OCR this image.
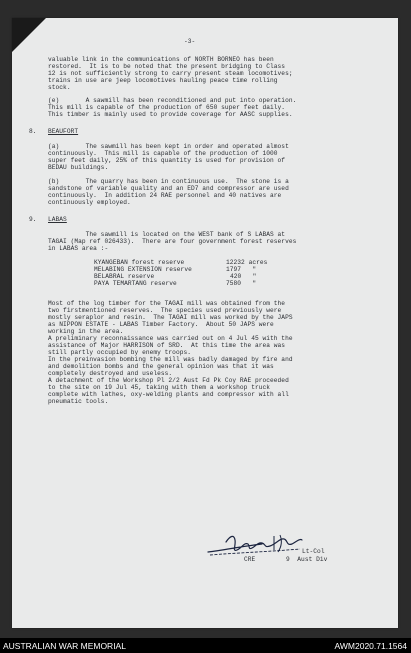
-3-
valuable link in the communications of NORTH BORNEO has been
restored.  It is to be noted that the present bridging to Class
12 is not sufficiently strong to carry present steam locomotives;
trains in use are jeep locomotives hauling peace time rolling
stock.
(e)       A sawmill has been reconditioned and put into operation.
This mill is capable of the production of 650 super feet daily.
This timber is mainly used to provide coverage for AASC supplies.
8. BEAUFORT
(a)       The sawmill has been kept in order and operated almost
continuously.  This mill is capable of the production of 1000
super feet daily, 25% of this quantity is used for provision of
BEDAU buildings.
(b)       The quarry has been in continuous use.  The stone is a
sandstone of variable quality and an ED7 and compressor are used
continuously.  In addition 24 RAE personnel and 40 natives are
continuously employed.
9. LABAS
The sawmill is located on the WEST bank of S LABAS at
TAGAI (Map ref 026433).  There are four government forest reserves
in LABAS area :-
KYANGEBAN forest reserve	12232 acres
MELABING EXTENSION reserve	1797   "
BELABRAL reserve	420   "
PAYA TEMARTANG reserve	7580   "
Most of the log timber for the TAGAI mill was obtained from the
two firstmentioned reserves.  The species used previously were
mostly seraplor and resin.  The TAGAI mill was worked by the JAPS
as NIPPON ESTATE - LABAS Timber Factory.  About 50 JAPS were
working in the area.
A preliminary reconnaissance was carried out on 4 Jul 45 with the
assistance of Major HARRISON of SRD.  At this time the area was
still partly occupied by enemy troops.
In the preinvasion bombing the mill was badly damaged by fire and
and demolition bombs and the general opinion was that it was
completely destroyed and useless.
A detachment of the Workshop Pl 2/2 Aust Fd Pk Coy RAE proceeded
to the site on 19 Jul 45, taking with them a workshop truck
complete with lathes, oxy-welding plants and compressor with all
pneumatic tools.
Lt-Col
CRE	9  Aust Div
AUSTRALIAN WAR MEMORIAL	AWM2020.71.1564
